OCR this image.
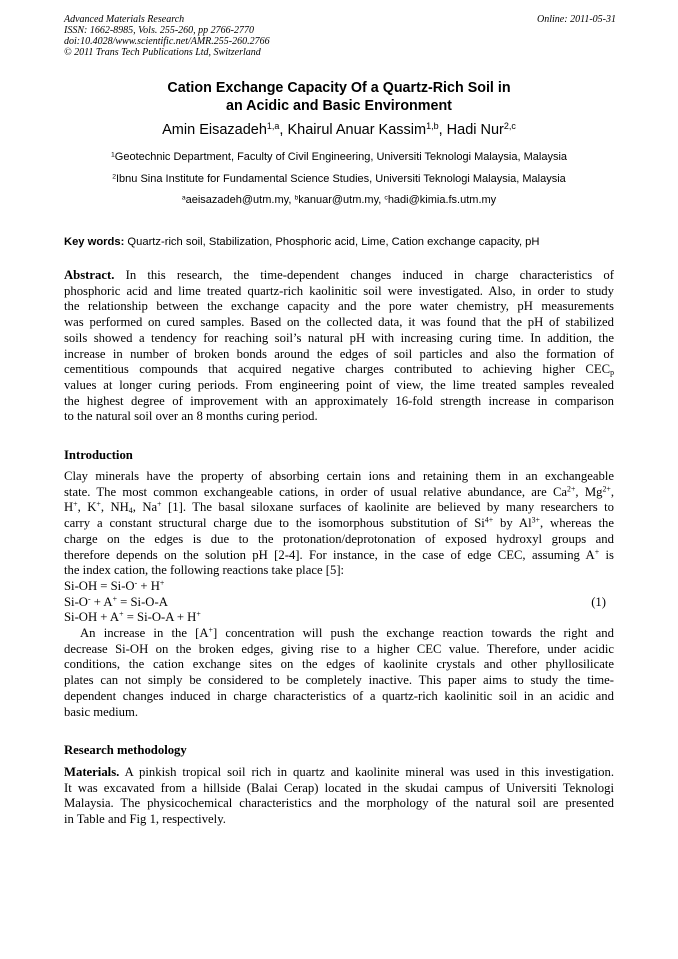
Advanced Materials Research
ISSN: 1662-8985, Vols. 255-260, pp 2766-2770
doi:10.4028/www.scientific.net/AMR.255-260.2766
© 2011 Trans Tech Publications Ltd, Switzerland
Online: 2011-05-31
Cation Exchange Capacity Of a Quartz-Rich Soil in
an Acidic and Basic Environment
Amin Eisazadeh$^{1,a}$, Khairul Anuar Kassim$^{1,b}$, Hadi Nur$^{2,c}$
$^1$Geotechnic Department, Faculty of Civil Engineering, Universiti Teknologi Malaysia, Malaysia
$^2$Ibnu Sina Institute for Fundamental Science Studies, Universiti Teknologi Malaysia, Malaysia
$^a$aeisazadeh@utm.my, $^b$kanuar@utm.my, $^c$hadi@kimia.fs.utm.my
Key words: Quartz-rich soil, Stabilization, Phosphoric acid, Lime, Cation exchange capacity, pH
Abstract. In this research, the time-dependent changes induced in charge characteristics of
phosphoric acid and lime treated quartz-rich kaolinitic soil were investigated. Also, in order to study
the relationship between the exchange capacity and the pore water chemistry, pH measurements
was performed on cured samples. Based on the collected data, it was found that the pH of stabilized
soils showed a tendency for reaching soil’s natural pH with increasing curing time. In addition, the
increase in number of broken bonds around the edges of soil particles and also the formation of
cementitious compounds that acquired negative charges contributed to achieving higher $CEC_p$
values at longer curing periods. From engineering point of view, the lime treated samples revealed
the highest degree of improvement with an approximately 16-fold strength increase in comparison
to the natural soil over an 8 months curing period.
Introduction
Clay minerals have the property of absorbing certain ions and retaining them in an exchangeable
state. The most common exchangeable cations, in order of usual relative abundance, are $Ca^{2+}$, $Mg^{2+}$,
H+, K+, $NH_4$, Na+ [1]. The basal siloxane surfaces of kaolinite are believed by many researchers to
carry a constant structural charge due to the isomorphous substitution of $Si^{4+}$ by $Al^{3+}$, whereas the
charge on the edges is due to the protonation/deprotonation of exposed hydroxyl groups and
therefore depends on the solution pH [2-4]. For instance, in the case of edge CEC, assuming A+ is
the index cation, the following reactions take place [5]:
Si-OH = Si-O- + H+
Si-O- + A+ = Si-O-A	(1)
Si-OH + A+ = Si-O-A + H+
An increase in the [A+] concentration will push the exchange reaction towards the right and
decrease Si-OH on the broken edges, giving rise to a higher CEC value. Therefore, under acidic
conditions, the cation exchange sites on the edges of kaolinite crystals and other phyllosilicate
plates can not simply be considered to be completely inactive. This paper aims to study the time-
dependent changes induced in charge characteristics of a quartz-rich kaolinitic soil in an acidic and
basic medium.
Research methodology
Materials. A pinkish tropical soil rich in quartz and kaolinite mineral was used in this investigation.
It was excavated from a hillside (Balai Cerap) located in the skudai campus of Universiti Teknologi
Malaysia. The physicochemical characteristics and the morphology of the natural soil are presented
in Table and Fig 1, respectively.
